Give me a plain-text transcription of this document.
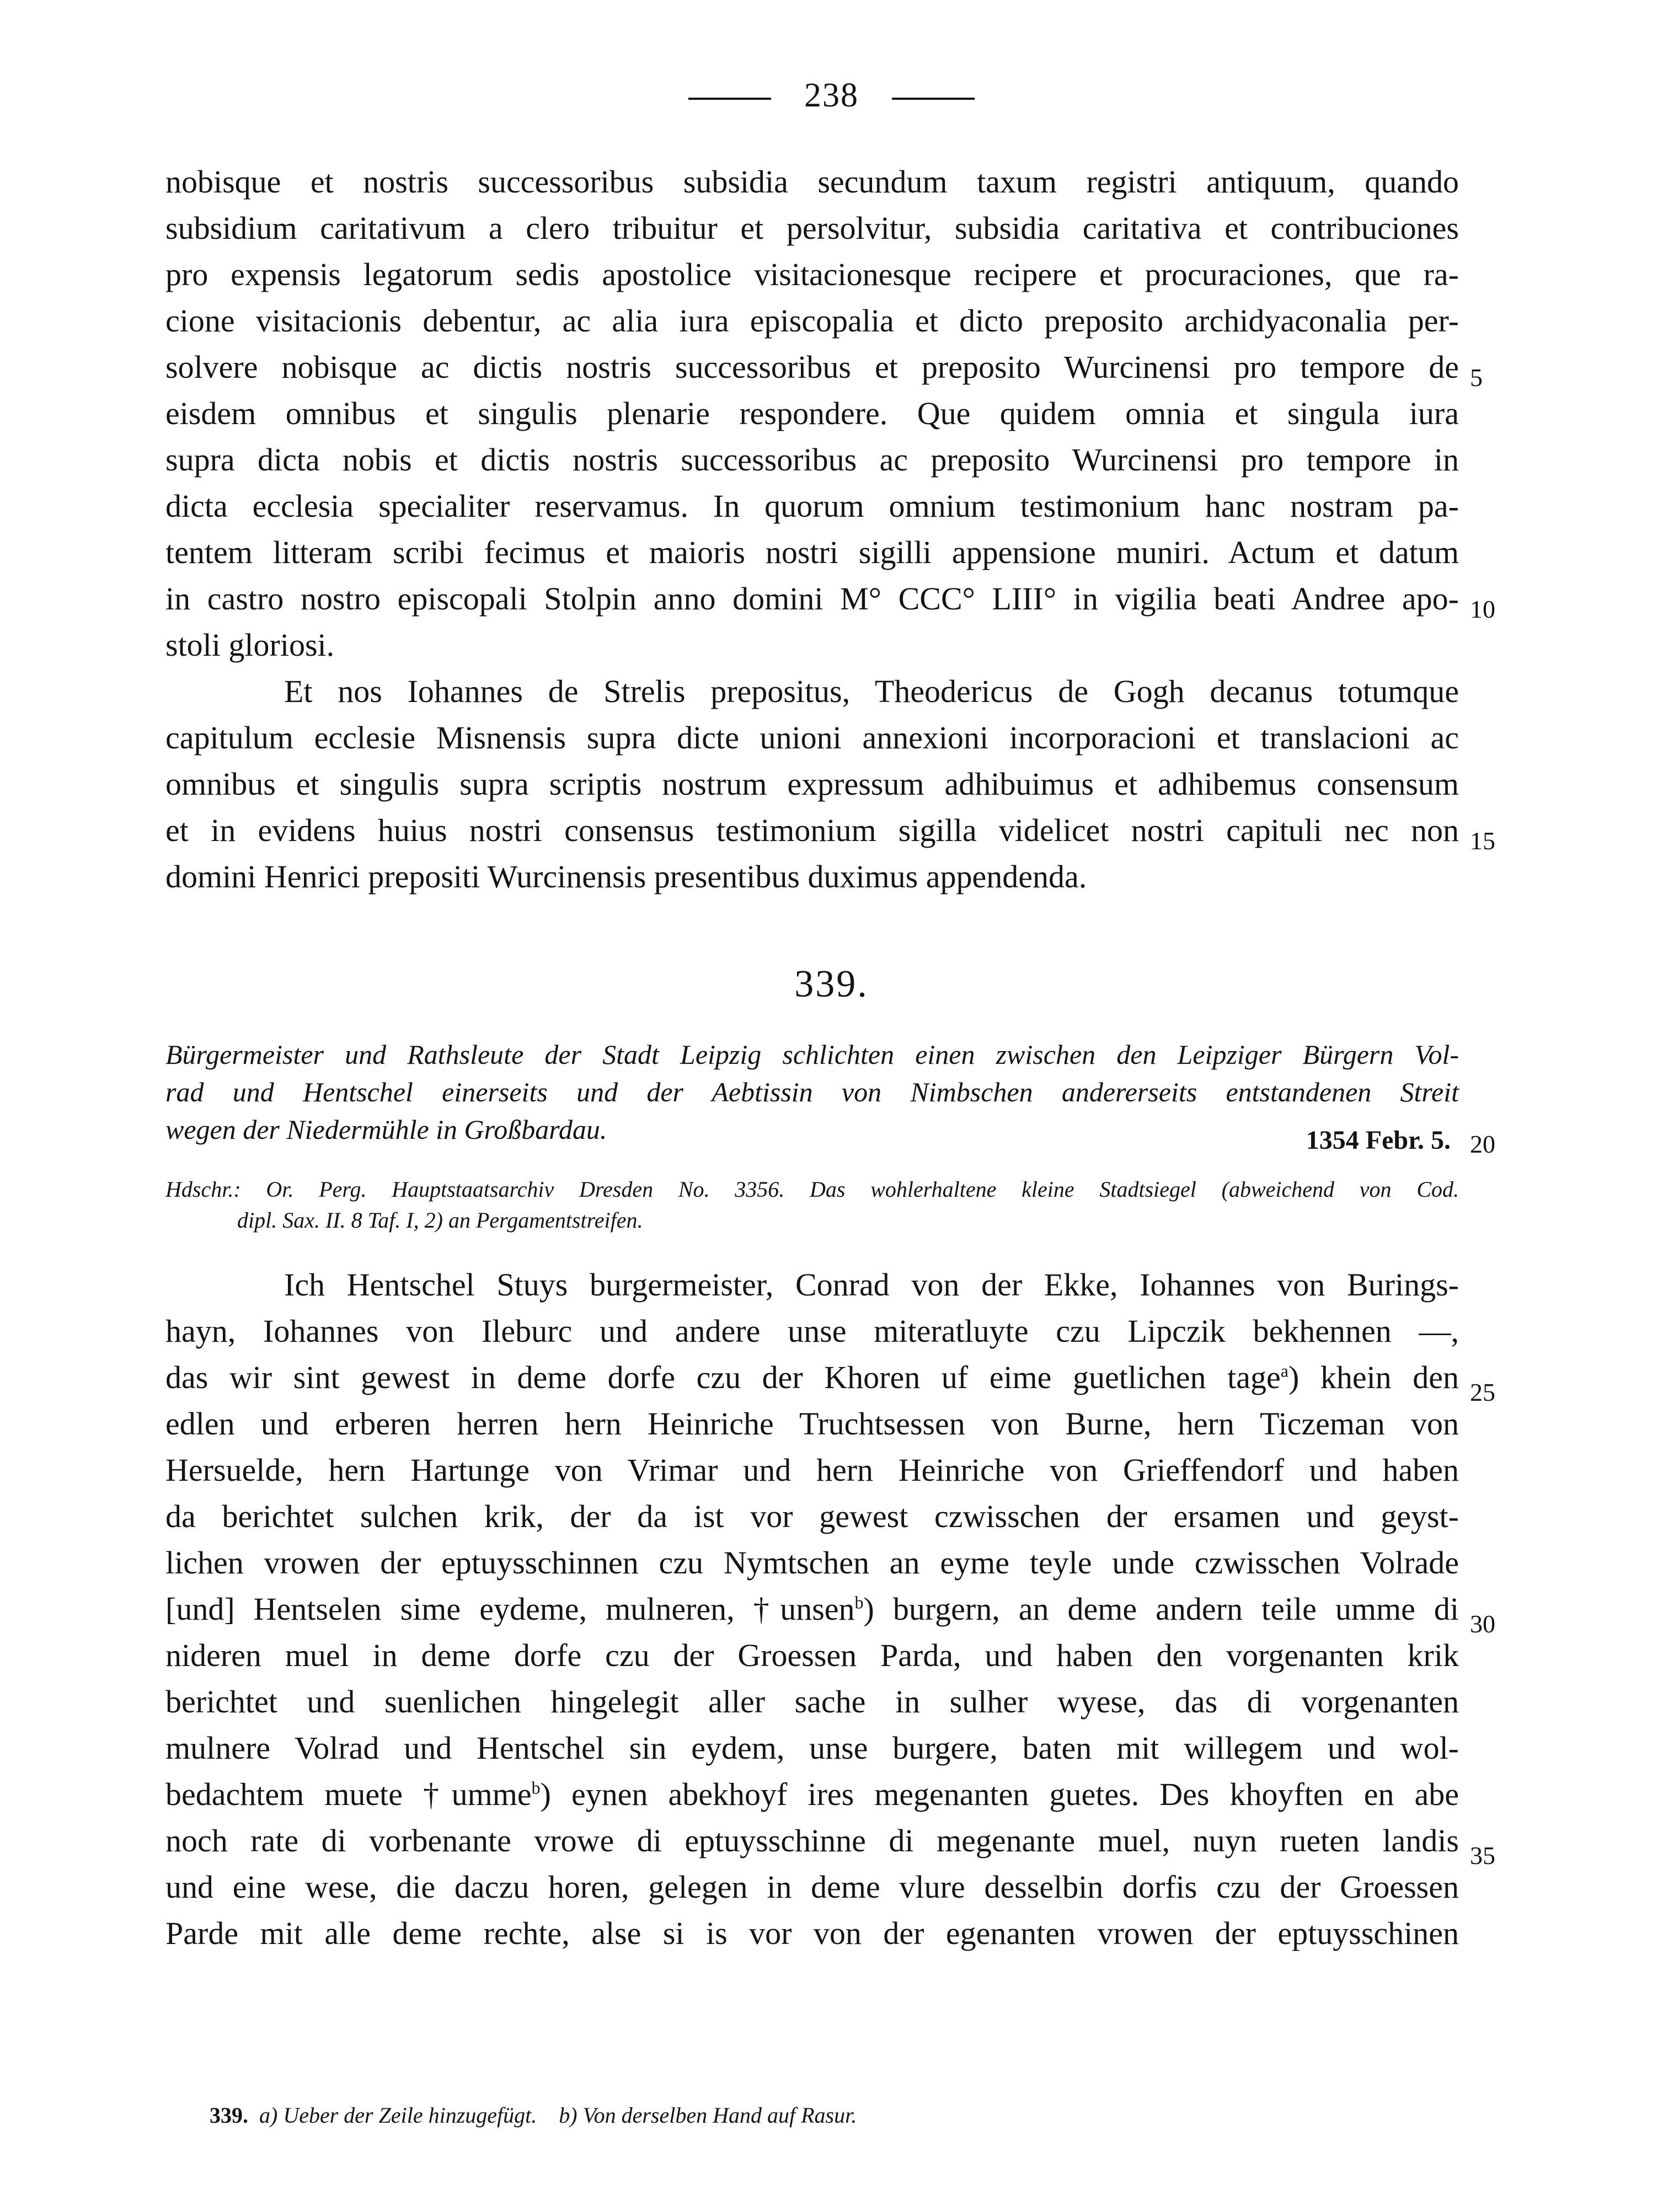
238
nobisque et nostris successoribus subsidia secundum taxum registri antiquum, quando
subsidium caritativum a clero tribuitur et persolvitur, subsidia caritativa et contribuciones
pro expensis legatorum sedis apostolice visitacionesque recipere et procuraciones, que ra-
cione visitacionis debentur, ac alia iura episcopalia et dicto preposito archidyaconalia per-
solvere nobisque ac dictis nostris successoribus et preposito Wurcinensi pro tempore de
eisdem omnibus et singulis plenarie respondere. Que quidem omnia et singula iura
supra dicta nobis et dictis nostris successoribus ac preposito Wurcinensi pro tempore in
dicta ecclesia specialiter reservamus. In quorum omnium testimonium hanc nostram pa-
tentem litteram scribi fecimus et maioris nostri sigilli appensione muniri. Actum et datum
in castro nostro episcopali Stolpin anno domini M° CCC° LIII° in vigilia beati Andree apo-
stoli gloriosi.
Et nos Iohannes de Strelis prepositus, Theodericus de Gogh decanus totumque
capitulum ecclesie Misnensis supra dicte unioni annexioni incorporacioni et translacioni ac
omnibus et singulis supra scriptis nostrum expressum adhibuimus et adhibemus consensum
et in evidens huius nostri consensus testimonium sigilla videlicet nostri capituli nec non
domini Henrici prepositi Wurcinensis presentibus duximus appendenda.
5
10
15
339.
Bürgermeister und Rathsleute der Stadt Leipzig schlichten einen zwischen den Leipziger Bürgern Vol-
rad und Hentschel einerseits und der Aebtissin von Nimbschen andererseits entstandenen Streit
wegen der Niedermühle in Großbardau.	1354 Febr. 5. 20
Hdschr.: Or. Perg. Hauptstaatsarchiv Dresden No. 3356. Das wohlerhaltene kleine Stadtsiegel (abweichend von Cod.
dipl. Sax. II. 8 Taf. I, 2) an Pergamentstreifen.
Ich Hentschel Stuys burgermeister, Conrad von der Ekke, Iohannes von Burings-
hayn, Iohannes von Ileburc und andere unse miteratluyte czu Lipczik bekhennen —,
das wir sint gewest in deme dorfe czu der Khoren uf eime guetlichen tage$^a$) khein den
edlen und erberen herren hern Heinriche Truchtsessen von Burne, hern Ticzeman von
Hersuelde, hern Hartunge von Vrimar und hern Heinriche von Grieffendorf und haben
da berichtet sulchen krik, der da ist vor gewest czwisschen der ersamen und geyst-
lichen vrowen der eptuysschinnen czu Nymtschen an eyme teyle unde czwisschen Volrade
[und] Hentselen sime eydeme, mulneren, †unsen$^b$) burgern, an deme andern teile umme di
nideren muel in deme dorfe czu der Groessen Parda, und haben den vorgenanten krik
berichtet und suenlichen hingelegit aller sache in sulher wyese, das di vorgenanten
mulnere Volrad und Hentschel sin eydem, unse burgere, baten mit willegem und wol-
bedachtem muete †umme$^b$) eynen abekhoyf ires megenanten guetes. Des khoyften en abe
noch rate di vorbenante vrowe di eptuysschinne di megenante muel, nuyn rueten landis
und eine wese, die daczu horen, gelegen in deme vlure desselbin dorfis czu der Groessen
Parde mit alle deme rechte, alse si is vor von der egenanten vrowen der eptuysschinen
25
30
35
339. a) Ueber der Zeile hinzugefügt. b) Von derselben Hand auf Rasur.
